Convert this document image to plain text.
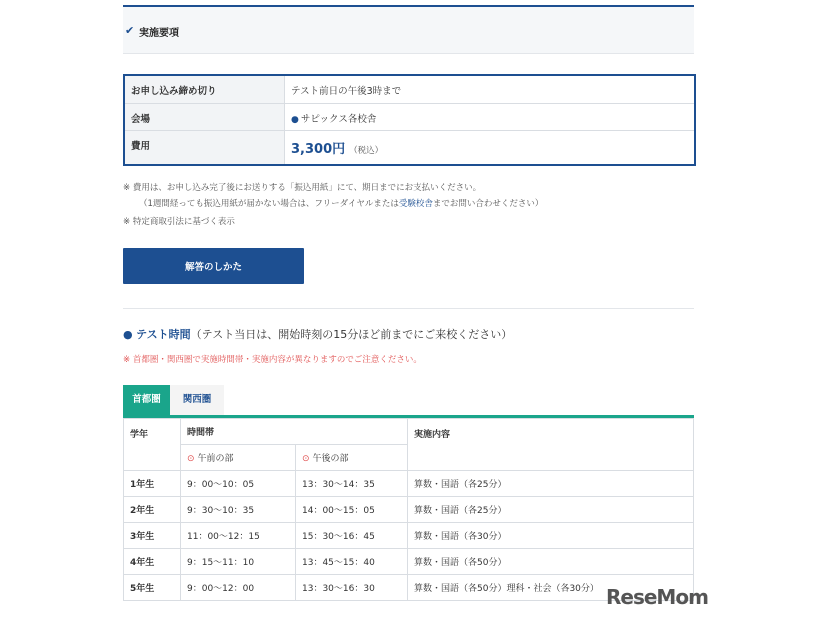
✔ 実施要項
お申し込み締め切り	テスト前日の午後3時まで
会場	● サピックス各校舎
費用	3,300円 （税込）
※ 費用は、お申し込み完了後にお送りする「振込用紙」にて、期日までにお支払いください。
（1週間経っても振込用紙が届かない場合は、フリーダイヤルまたは受験校舎までお問い合わせください）
※ 特定商取引法に基づく表示
解答のしかた
● テスト時間（テスト当日は、開始時刻の15分ほど前までにご来校ください）
※ 首都圏・関西圏で実施時間帯・実施内容が異なりますのでご注意ください。
首都圏	関西圏
学年	時間帯		実施内容
	⊙ 午前の部	⊙ 午後の部	
1年生	9：00〜10：05	13：30〜14：35	算数・国語（各25分）
2年生	9：30〜10：35	14：00〜15：05	算数・国語（各25分）
3年生	11：00〜12：15	15：30〜16：45	算数・国語（各30分）
4年生	9：15〜11：10	13：45〜15：40	算数・国語（各50分）
5年生	9：00〜12：00	13：30〜16：30	算数・国語（各50分）理科・社会（各30分） ReseMom
